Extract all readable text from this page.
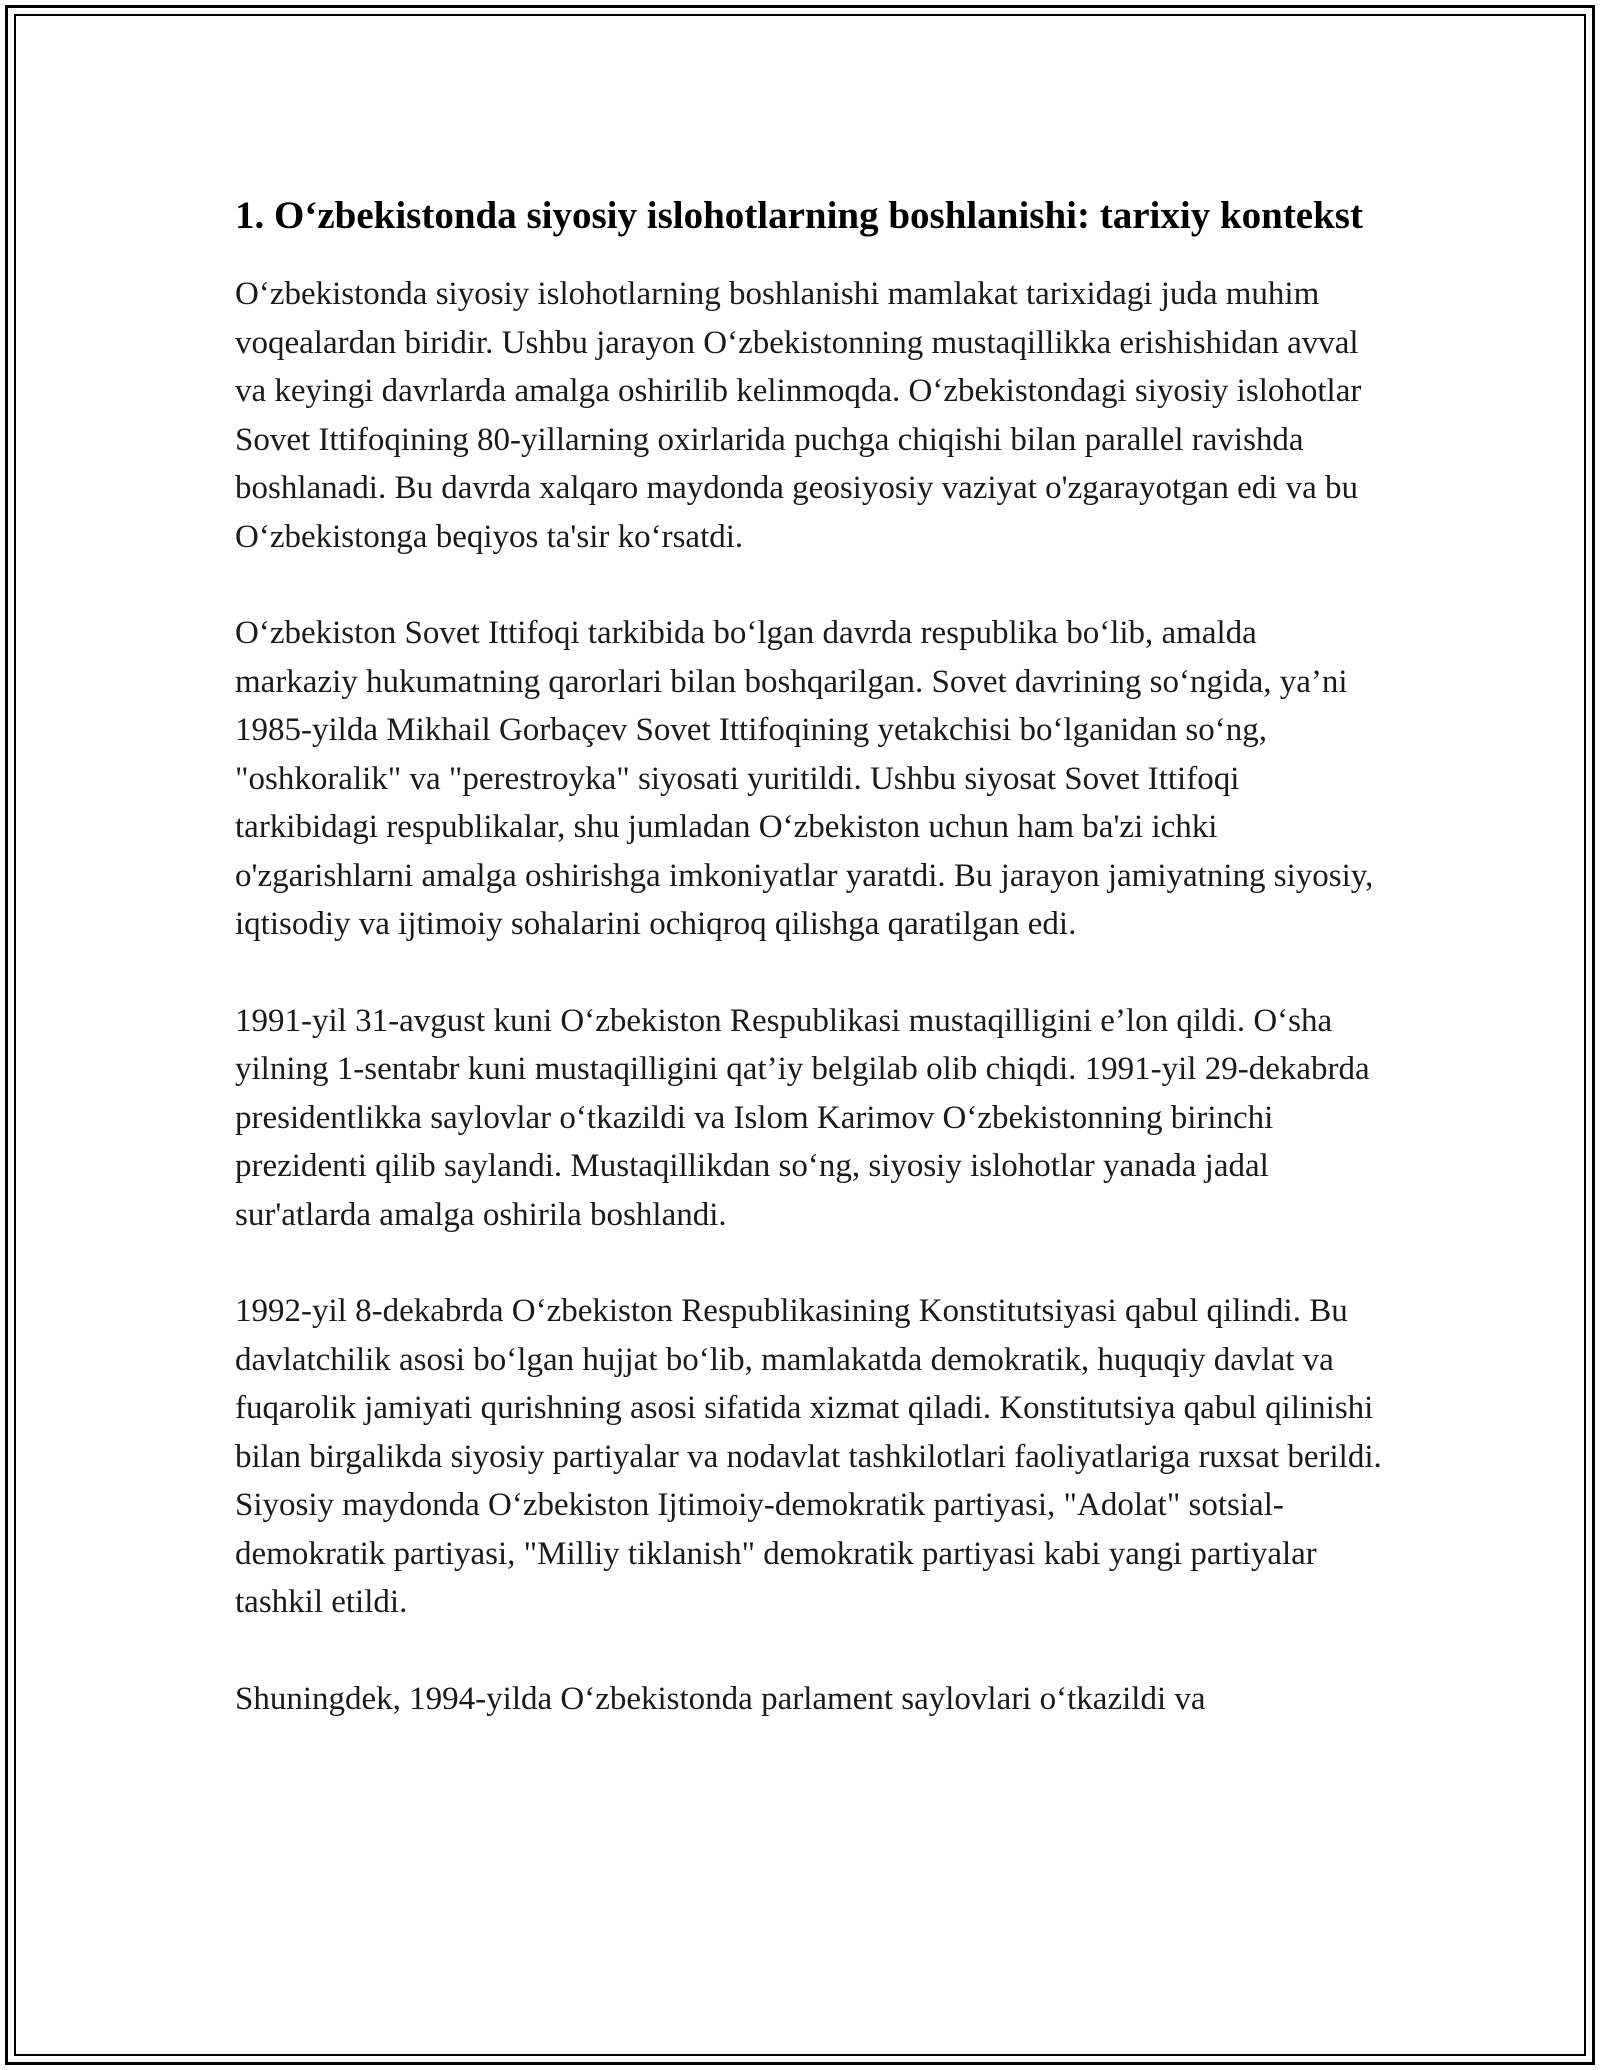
1. Oʻzbekistonda siyosiy islohotlarning boshlanishi: tarixiy kontekst

Oʻzbekistonda siyosiy islohotlarning boshlanishi mamlakat tarixidagi juda muhim voqealardan biridir. Ushbu jarayon Oʻzbekistonning mustaqillikka erishishidan avval va keyingi davrlarda amalga oshirilib kelinmoqda. Oʻzbekistondagi siyosiy islohotlar Sovet Ittifoqining 80-yillarning oxirlarida puchga chiqishi bilan parallel ravishda boshlanadi. Bu davrda xalqaro maydonda geosiyosiy vaziyat o'zgarayotgan edi va bu Oʻzbekistonga beqiyos ta'sir koʻrsatdi.

Oʻzbekiston Sovet Ittifoqi tarkibida boʻlgan davrda respublika boʻlib, amalda markaziy hukumatning qarorlari bilan boshqarilgan. Sovet davrining soʻngida, ya’ni 1985-yilda Mikhail Gorbaçev Sovet Ittifoqining yetakchisi boʻlganidan soʻng, "oshkoralik" va "perestroyka" siyosati yuritildi. Ushbu siyosat Sovet Ittifoqi tarkibidagi respublikalar, shu jumladan Oʻzbekiston uchun ham ba'zi ichki o'zgarishlarni amalga oshirishga imkoniyatlar yaratdi. Bu jarayon jamiyatning siyosiy, iqtisodiy va ijtimoiy sohalarini ochiqroq qilishga qaratilgan edi.

1991-yil 31-avgust kuni Oʻzbekiston Respublikasi mustaqilligini e’lon qildi. Oʻsha yilning 1-sentabr kuni mustaqilligini qat’iy belgilab olib chiqdi. 1991-yil 29-dekabrda presidentlikka saylovlar oʻtkazildi va Islom Karimov Oʻzbekistonning birinchi prezidenti qilib saylandi. Mustaqillikdan soʻng, siyosiy islohotlar yanada jadal sur'atlarda amalga oshirila boshlandi.

1992-yil 8-dekabrda Oʻzbekiston Respublikasining Konstitutsiyasi qabul qilindi. Bu davlatchilik asosi boʻlgan hujjat boʻlib, mamlakatda demokratik, huquqiy davlat va fuqarolik jamiyati qurishning asosi sifatida xizmat qiladi. Konstitutsiya qabul qilinishi bilan birgalikda siyosiy partiyalar va nodavlat tashkilotlari faoliyatlariga ruxsat berildi. Siyosiy maydonda Oʻzbekiston Ijtimoiy-demokratik partiyasi, "Adolat" sotsial-demokratik partiyasi, "Milliy tiklanish" demokratik partiyasi kabi yangi partiyalar tashkil etildi.

Shuningdek, 1994-yilda Oʻzbekistonda parlament saylovlari oʻtkazildi va
